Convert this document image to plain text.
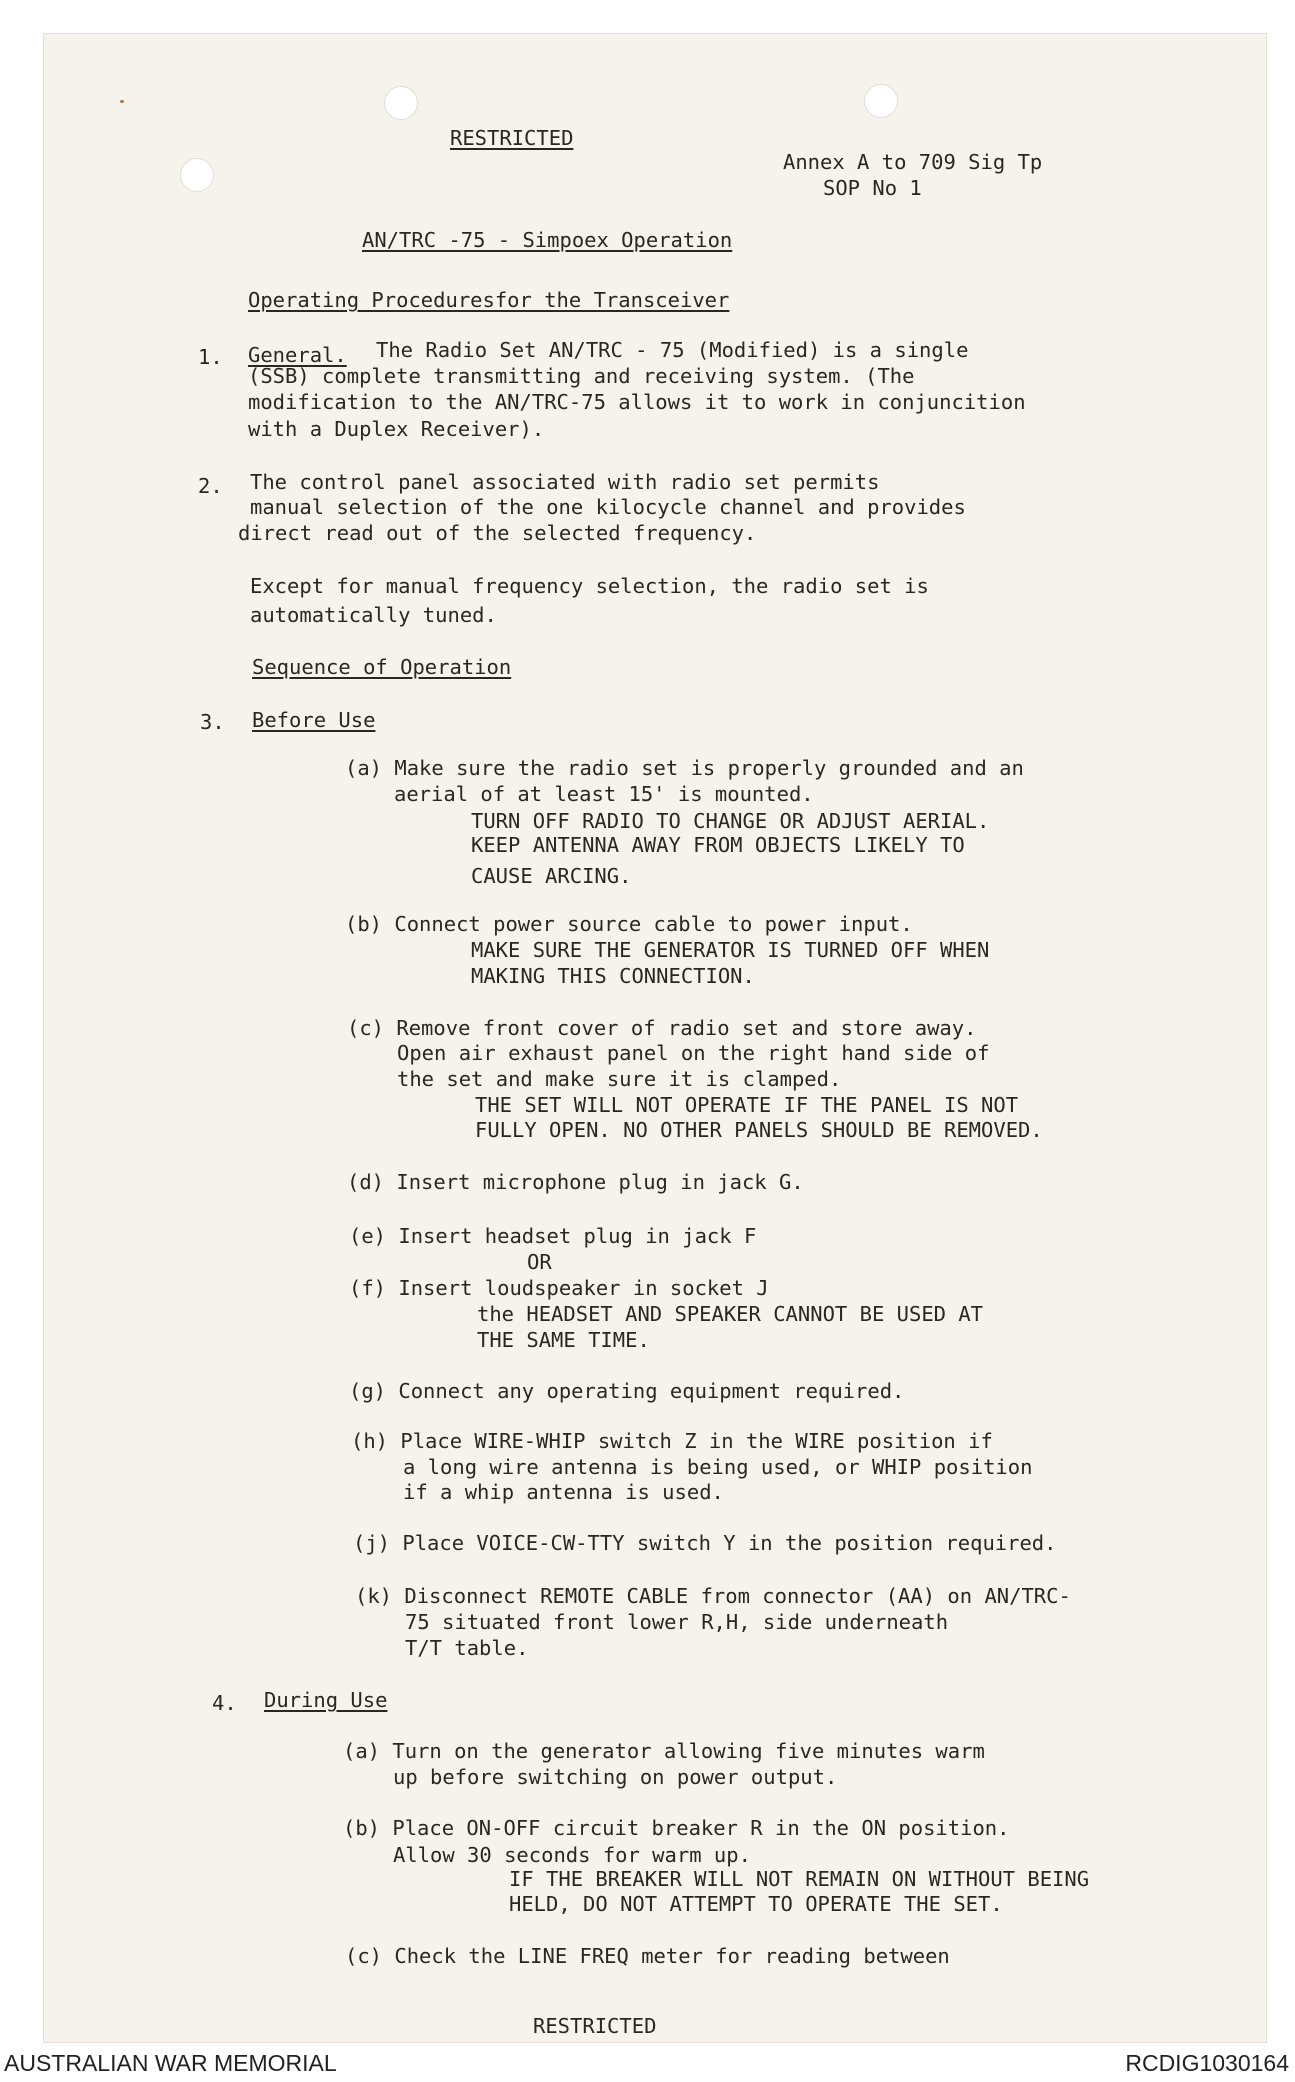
RESTRICTED
Annex A to 709 Sig Tp
SOP No 1
AN/TRC -75 - Simpoex Operation
Operating Proceduresfor the Transceiver
1. General. The Radio Set AN/TRC - 75 (Modified) is a single
(SSB) complete transmitting and receiving system. (The
modification to the AN/TRC-75 allows it to work in conjuncition
with a Duplex Receiver).
2. The control panel associated with radio set permits
manual selection of the one kilocycle channel and provides
direct read out of the selected frequency.
Except for manual frequency selection, the radio set is
automatically tuned.
Sequence of Operation
3. Before Use
(a) Make sure the radio set is properly grounded and an
aerial of at least 15' is mounted.
TURN OFF RADIO TO CHANGE OR ADJUST AERIAL.
KEEP ANTENNA AWAY FROM OBJECTS LIKELY TO
CAUSE ARCING.
(b) Connect power source cable to power input.
MAKE SURE THE GENERATOR IS TURNED OFF WHEN
MAKING THIS CONNECTION.
(c) Remove front cover of radio set and store away.
Open air exhaust panel on the right hand side of
the set and make sure it is clamped.
THE SET WILL NOT OPERATE IF THE PANEL IS NOT
FULLY OPEN. NO OTHER PANELS SHOULD BE REMOVED.
(d) Insert microphone plug in jack G.
(e) Insert headset plug in jack F
OR
(f) Insert loudspeaker in socket J
the HEADSET AND SPEAKER CANNOT BE USED AT
THE SAME TIME.
(g) Connect any operating equipment required.
(h) Place WIRE-WHIP switch Z in the WIRE position if
a long wire antenna is being used, or WHIP position
if a whip antenna is used.
(j) Place VOICE-CW-TTY switch Y in the position required.
(k) Disconnect REMOTE CABLE from connector (AA) on AN/TRC-
75 situated front lower R,H, side underneath
T/T table.
4. During Use
(a) Turn on the generator allowing five minutes warm
up before switching on power output.
(b) Place ON-OFF circuit breaker R in the ON position.
Allow 30 seconds for warm up.
IF THE BREAKER WILL NOT REMAIN ON WITHOUT BEING
HELD, DO NOT ATTEMPT TO OPERATE THE SET.
(c) Check the LINE FREQ meter for reading between
RESTRICTED
AUSTRALIAN WAR MEMORIAL	RCDIG1030164
